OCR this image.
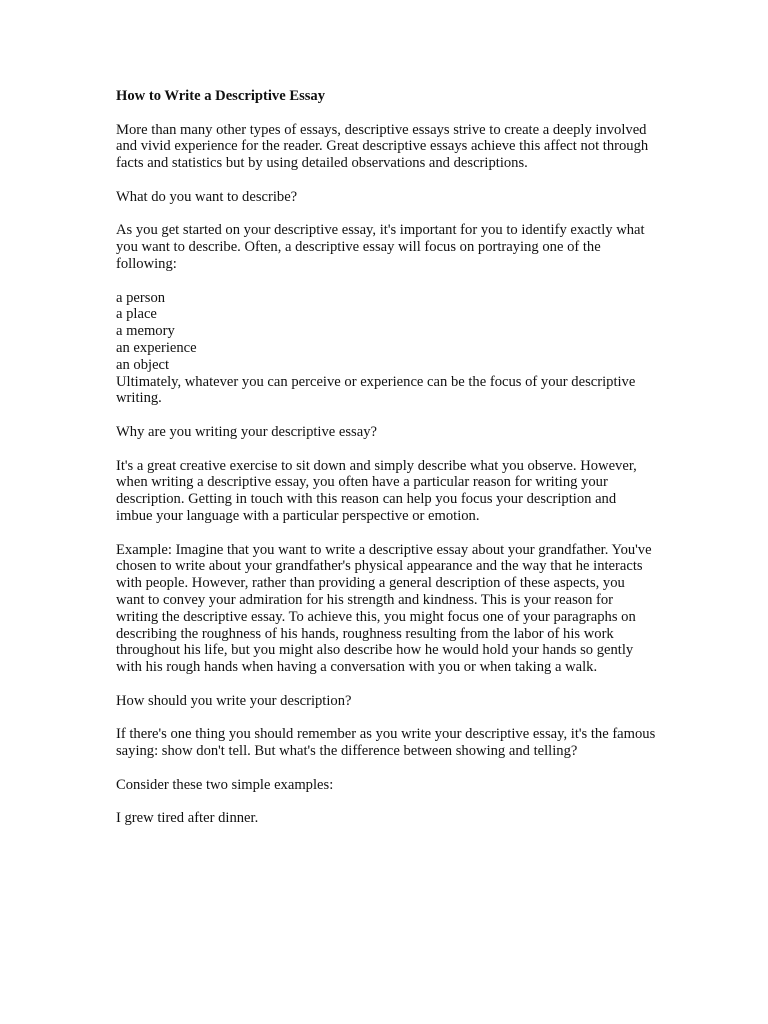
How to Write a Descriptive Essay

More than many other types of essays, descriptive essays strive to create a deeply involved and vivid experience for the reader. Great descriptive essays achieve this affect not through facts and statistics but by using detailed observations and descriptions.

What do you want to describe?

As you get started on your descriptive essay, it's important for you to identify exactly what you want to describe. Often, a descriptive essay will focus on portraying one of the following:

a person
a place
a memory
an experience
an object

Ultimately, whatever you can perceive or experience can be the focus of your descriptive writing.

Why are you writing your descriptive essay?

It's a great creative exercise to sit down and simply describe what you observe. However, when writing a descriptive essay, you often have a particular reason for writing your description. Getting in touch with this reason can help you focus your description and imbue your language with a particular perspective or emotion.

Example: Imagine that you want to write a descriptive essay about your grandfather. You've chosen to write about your grandfather's physical appearance and the way that he interacts with people. However, rather than providing a general description of these aspects, you want to convey your admiration for his strength and kindness. This is your reason for writing the descriptive essay. To achieve this, you might focus one of your paragraphs on describing the roughness of his hands, roughness resulting from the labor of his work throughout his life, but you might also describe how he would hold your hands so gently with his rough hands when having a conversation with you or when taking a walk.

How should you write your description?

If there's one thing you should remember as you write your descriptive essay, it's the famous saying: show don't tell. But what's the difference between showing and telling?

Consider these two simple examples:

I grew tired after dinner.
